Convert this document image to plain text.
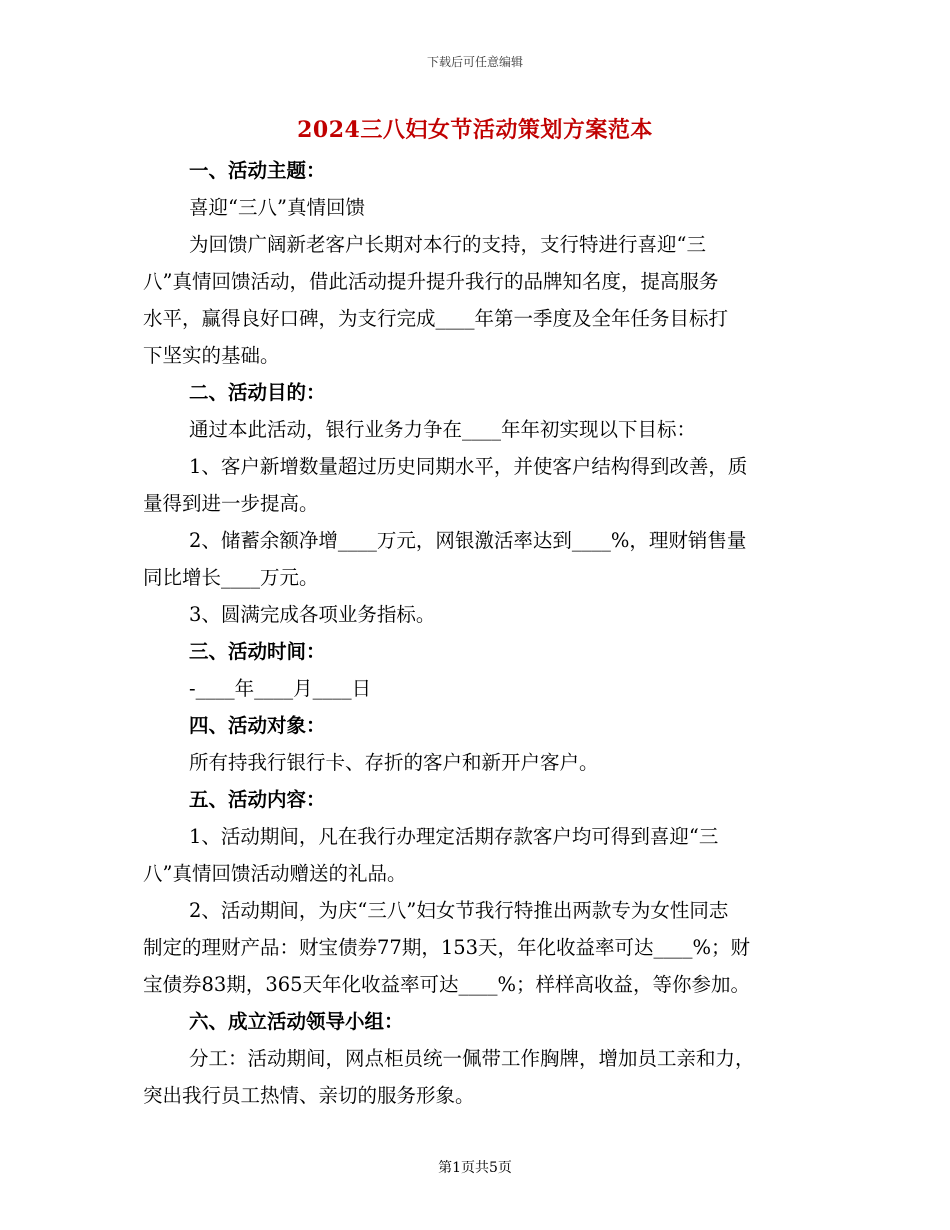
下载后可任意编辑
2024三八妇女节活动策划方案范本
一、活动主题：
喜迎“三八”真情回馈
为回馈广阔新老客户长期对本行的支持，支行特进行喜迎“三
八”真情回馈活动，借此活动提升提升我行的品牌知名度，提高服务
水平，赢得良好口碑，为支行完成____年第一季度及全年任务目标打
下坚实的基础。
二、活动目的：
通过本此活动，银行业务力争在____年年初实现以下目标：
1、客户新增数量超过历史同期水平，并使客户结构得到改善，质
量得到进一步提高。
2、储蓄余额净增____万元，网银激活率达到____%，理财销售量
同比增长____万元。
3、圆满完成各项业务指标。
三、活动时间：
-____年____月____日
四、活动对象：
所有持我行银行卡、存折的客户和新开户客户。
五、活动内容：
1、活动期间，凡在我行办理定活期存款客户均可得到喜迎“三
八”真情回馈活动赠送的礼品。
2、活动期间，为庆“三八”妇女节我行特推出两款专为女性同志
制定的理财产品：财宝债券77期，153天，年化收益率可达____%；财
宝债券83期，365天年化收益率可达____%；样样高收益，等你参加。
六、成立活动领导小组：
分工：活动期间，网点柜员统一佩带工作胸牌，增加员工亲和力，
突出我行员工热情、亲切的服务形象。
第1页共5页
